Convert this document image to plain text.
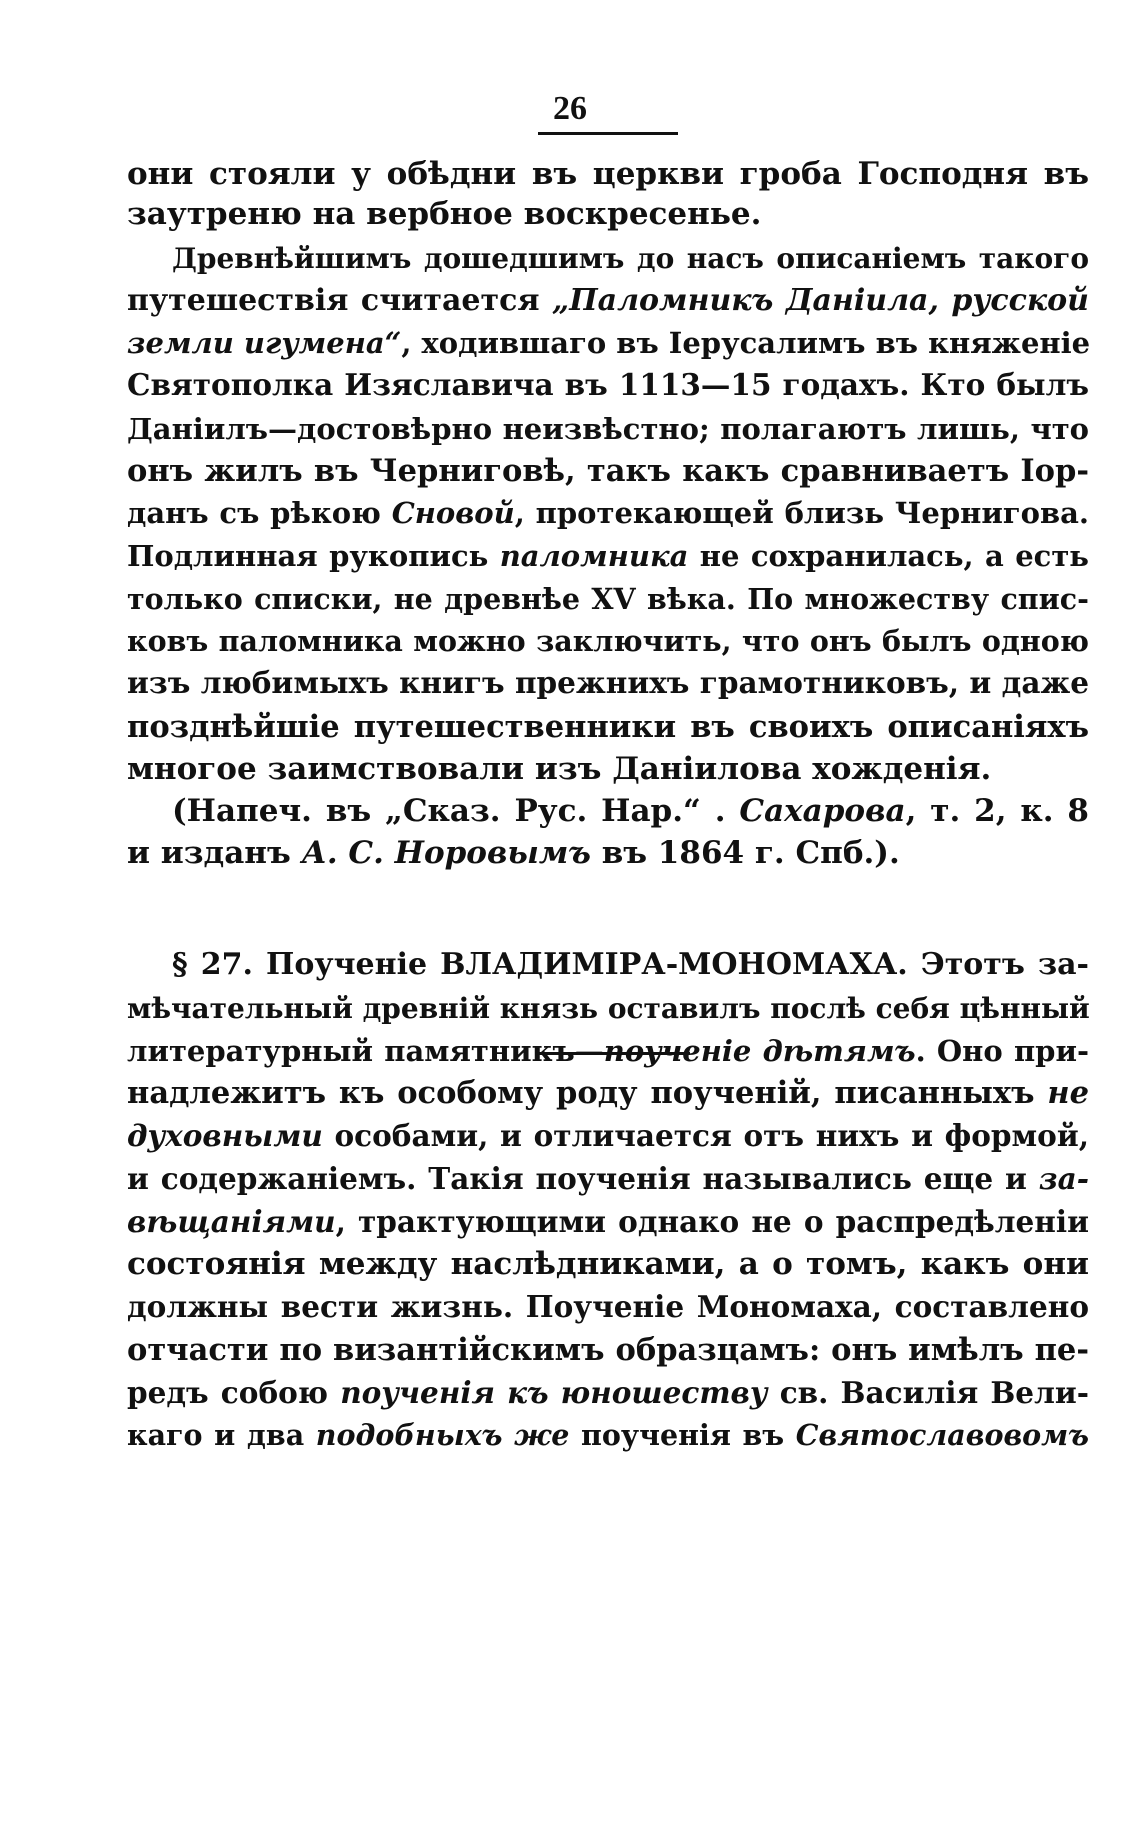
26

они стояли у обѣдни въ церкви гроба Господня въ

заутреню на вербное воскресенье.

Древнѣйшимъ дошедшимъ до насъ описаніемъ такого

путешествія считается „Паломникъ Даніила, русской

земли игумена“, ходившаго въ Іерусалимъ въ княженіе

Святополка Изяславича въ 1113—15 годахъ. Кто былъ

Даніилъ—достовѣрно неизвѣстно; полагаютъ лишь, что

онъ жилъ въ Черниговѣ, такъ какъ сравниваетъ Іор-

данъ съ рѣкою Сновой, протекающей близь Чернигова.

Подлинная рукопись паломника не сохранилась, а есть

только списки, не древнѣе XV вѣка. По множеству спис-

ковъ паломника можно заключить, что онъ былъ одною

изъ любимыхъ книгъ прежнихъ грамотниковъ, и даже

позднѣйшіе путешественники въ своихъ описаніяхъ

многое заимствовали изъ Даніилова хожденія.

(Напеч. въ „Сказ. Рус. Нар.“ . Сахарова, т. 2, к. 8

и изданъ А. С. Норовымъ въ 1864 г. Спб.).

§ 27. Поученіе ВЛАДИМІРА-МОНОМАХА. Этотъ за-

мѣчательный древній князь оставилъ послѣ себя цѣнный

литературный памятникъ—поученіе дѣтямъ. Оно при-

надлежитъ къ особому роду поученій, писанныхъ не

духовными особами, и отличается отъ нихъ и формой,

и содержаніемъ. Такія поученія назывались еще и за-

вѣщаніями, трактующими однако не о распредѣленіи

состоянія между наслѣдниками, а о томъ, какъ они

должны вести жизнь. Поученіе Мономаха, составлено

отчасти по византійскимъ образцамъ: онъ имѣлъ пе-

редъ собою поученія къ юношеству св. Василія Вели-

каго и два подобныхъ же поученія въ Святославовомъ
